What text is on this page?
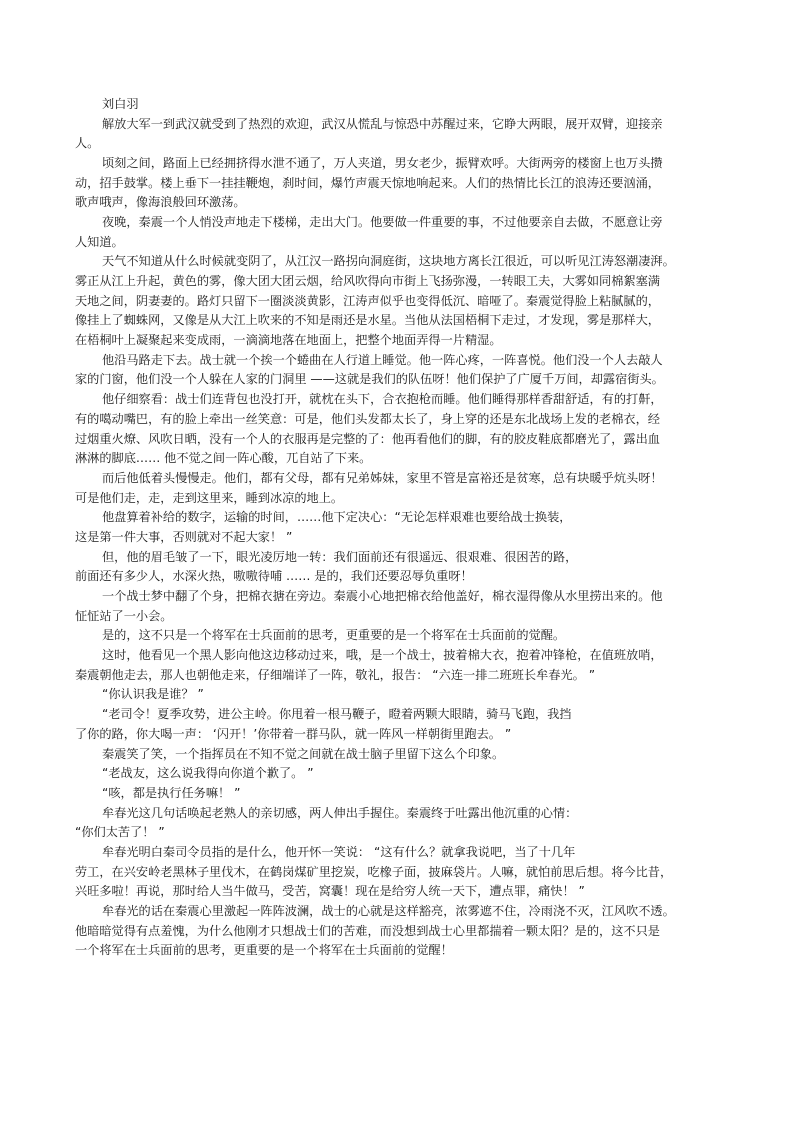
刘白羽
解放大军一到武汉就受到了热烈的欢迎，武汉从慌乱与惊恐中苏醒过来，它睁大两眼，展开双臂，迎接亲
人。
顷刻之间，路面上已经拥挤得水泄不通了，万人夹道，男女老少，振臂欢呼。大街两旁的楼窗上也万头攒
动，招手鼓掌。楼上垂下一挂挂鞭炮，刹时间，爆竹声震天惊地响起来。人们的热情比长江的浪涛还要汹涌，
歌声哦声，像海浪般回环激荡。
夜晚，秦震一个人悄没声地走下楼梯，走出大门。他要做一件重要的事，不过他要亲自去做，不愿意让旁
人知道。
天气不知道从什么时候就变阴了，从江汉一路拐向洞庭街，这块地方离长江很近，可以听见江涛怒潮凄湃。
雾正从江上升起，黄色的雾，像大团大团云烟，给风吹得向市街上飞扬弥漫，一转眼工夫，大雾如同棉絮塞满
天地之间，阴妻妻的。路灯只留下一圈淡淡黄影，江涛声似乎也变得低沉、暗哑了。秦震觉得脸上粘腻腻的，
像挂上了蜘蛛网，又像是从大江上吹来的不知是雨还是水星。当他从法国梧桐下走过，才发现，雾是那样大，
在梧桐叶上凝聚起来变成雨，一滴滴地落在地面上，把整个地面弄得一片精湿。
他沿马路走下去。战士就一个挨一个蜷曲在人行道上睡觉。他一阵心疼，一阵喜悦。他们没一个人去敲人
家的门窗，他们没一个人躲在人家的门洞里 ——这就是我们的队伍呀！他们保护了广厦千万间，却露宿街头。
他仔细察看：战士们连背包也没打开，就枕在头下，合衣抱枪而睡。他们睡得那样香甜舒适，有的打鼾，
有的噶动嘴巴，有的脸上牵出一丝笑意：可是，他们头发都太长了，身上穿的还是东北战场上发的老棉衣，经
过烟重火燎、风吹日晒，没有一个人的衣服再是完整的了：他再看他们的脚，有的胶皮鞋底都磨光了，露出血
淋淋的脚底…… 他不觉之间一阵心酸，兀自站了下来。
而后他低着头慢慢走。他们，都有父母，都有兄弟姊妹，家里不管是富裕还是贫寒，总有块暖乎炕头呀！
可是他们走，走，走到这里来，睡到冰凉的地上。
他盘算着补给的数字，运输的时间，……他下定决心：“无论怎样艰难也要给战士换装，
这是第一件大事，否则就对不起大家！ ”
但，他的眉毛皱了一下，眼光凌厉地一转：我们面前还有很遥远、很艰难、很困苦的路，
前面还有多少人，水深火热，嗷嗷待哺 …… 是的，我们还要忍辱负重呀！
一个战士梦中翻了个身，把棉衣搪在旁边。秦震小心地把棉衣给他盖好，棉衣湿得像从水里捞出来的。他
怔怔站了一小会。
是的，这不只是一个将军在士兵面前的思考，更重要的是一个将军在士兵面前的觉醒。
这时，他看见一个黑人影向他这边移动过来，哦，是一个战士，披着棉大衣，抱着冲锋枪，在值班放哨，
秦震朝他走去，那人也朝他走来，仔细端详了一阵，敬礼，报告： “六连一排二班班长牟春光。 ”
“你认识我是谁？ ”
“老司令！夏季攻势，进公主岭。你甩着一根马鞭子，瞪着两颗大眼睛，骑马飞跑，我挡
了你的路，你大喝一声： ‘闪开！’你带着一群马队，就一阵风一样朝街里跑去。 ”
秦震笑了笑，一个指挥员在不知不觉之间就在战士脑子里留下这么个印象。
“老战友，这么说我得向你道个歉了。 ”
“咳，都是执行任务嘛！ ”
牟春光这几句话唤起老熟人的亲切感，两人伸出手握住。秦震终于吐露出他沉重的心情：
“你们太苦了！ ”
牟春光明白秦司令员指的是什么，他开怀一笑说： “这有什么？就拿我说吧，当了十几年
劳工，在兴安岭老黑林子里伐木，在鹤岗煤矿里挖炭，吃橡子面，披麻袋片。人嘛，就怕前思后想。将今比昔，
兴旺多啦！再说，那时给人当牛做马，受苦，窝囊！现在是给穷人统一天下，遭点罪，痛快！ ”
牟春光的话在秦震心里激起一阵阵波澜，战士的心就是这样豁亮，浓雾遮不住，冷雨浇不灭，江风吹不透。
他暗暗觉得有点羞愧，为什么他刚才只想战士们的苦难，而没想到战士心里都揣着一颗太阳？是的，这不只是
一个将军在士兵面前的思考，更重要的是一个将军在士兵面前的觉醒！
